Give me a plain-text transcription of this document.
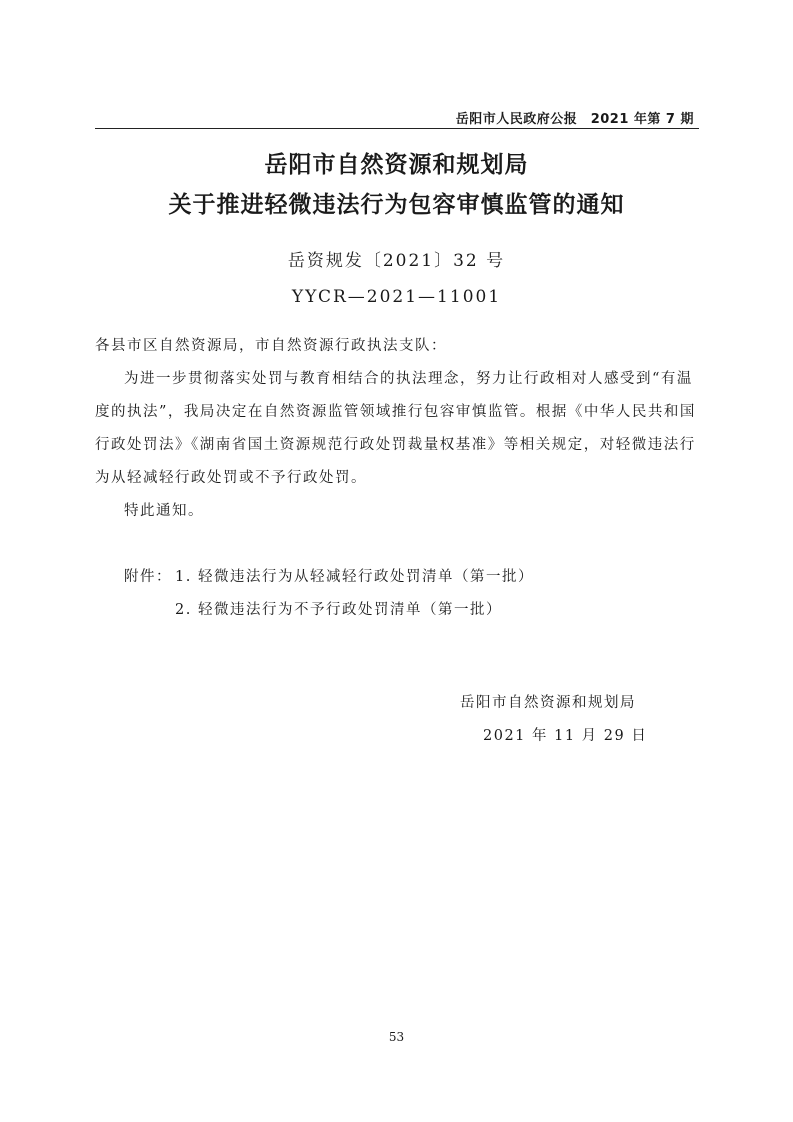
岳阳市人民政府公报　2021 年第 7 期
岳阳市自然资源和规划局
关于推进轻微违法行为包容审慎监管的通知
岳资规发〔2021〕32 号
YYCR—2021—11001
各县市区自然资源局，市自然资源行政执法支队：
为进一步贯彻落实处罚与教育相结合的执法理念，努力让行政相对人感受到“有温
度的执法”，我局决定在自然资源监管领域推行包容审慎监管。根据《中华人民共和国
行政处罚法》《湖南省国土资源规范行政处罚裁量权基准》等相关规定，对轻微违法行
为从轻减轻行政处罚或不予行政处罚。
特此通知。
附件： 1. 轻微违法行为从轻减轻行政处罚清单（第一批）
2. 轻微违法行为不予行政处罚清单（第一批）
岳阳市自然资源和规划局
2021 年 11 月 29 日
53
